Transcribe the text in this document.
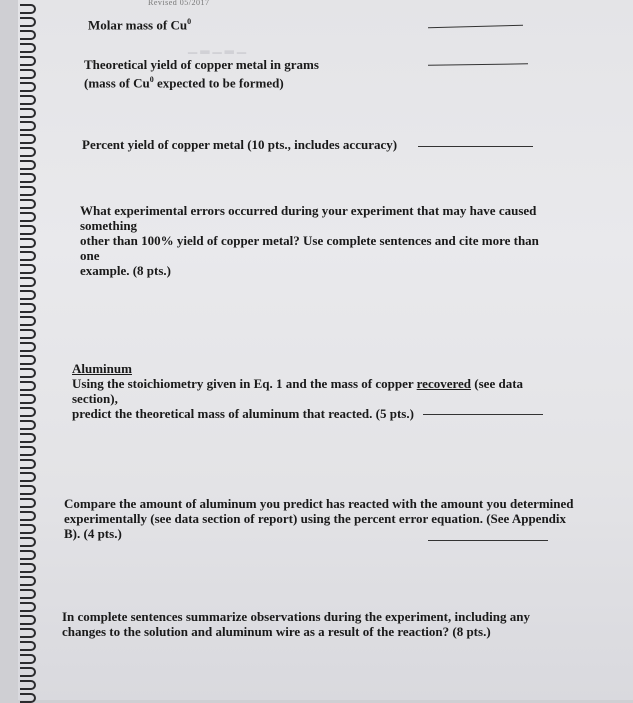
Revised 05/2017
▁ ▂ ▁ ▂ ▁
Molar mass of Cu$^0$
Theoretical yield of copper metal in grams
(mass of Cu$^0$ expected to be formed)
Percent yield of copper metal (10 pts., includes accuracy)
What experimental errors occurred during your experiment that may have caused something
other than 100% yield of copper metal? Use complete sentences and cite more than one
example. (8 pts.)
Aluminum
Using the stoichiometry given in Eq. 1 and the mass of copper recovered (see data section),
predict the theoretical mass of aluminum that reacted. (5 pts.)
Compare the amount of aluminum you predict has reacted with the amount you determined
experimentally (see data section of report) using the percent error equation. (See Appendix
B). (4 pts.)
In complete sentences summarize observations during the experiment, including any
changes to the solution and aluminum wire as a result of the reaction? (8 pts.)
